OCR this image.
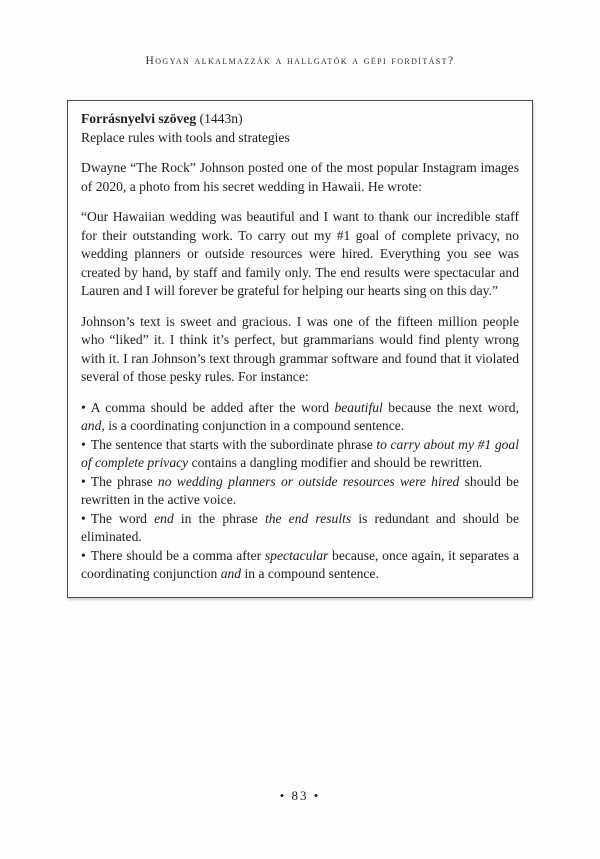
Hogyan alkalmazzák a hallgatók a gépi fordítást?
Forrásnyelvi szöveg (1443n)
Replace rules with tools and strategies

Dwayne “The Rock” Johnson posted one of the most popular Instagram images of 2020, a photo from his secret wedding in Hawaii. He wrote:

“Our Hawaiian wedding was beautiful and I want to thank our incredible staff for their outstanding work. To carry out my #1 goal of complete privacy, no wedding planners or outside resources were hired. Everything you see was created by hand, by staff and family only. The end results were spectacular and Lauren and I will forever be grateful for helping our hearts sing on this day.”

Johnson’s text is sweet and gracious. I was one of the fifteen million people who “liked” it. I think it’s perfect, but grammarians would find plenty wrong with it. I ran Johnson’s text through grammar software and found that it violated several of those pesky rules. For instance:

• A comma should be added after the word beautiful because the next word, and, is a coordinating conjunction in a compound sentence.
• The sentence that starts with the subordinate phrase to carry about my #1 goal of complete privacy contains a dangling modifier and should be rewritten.
• The phrase no wedding planners or outside resources were hired should be rewritten in the active voice.
• The word end in the phrase the end results is redundant and should be eliminated.
• There should be a comma after spectacular because, once again, it separates a coordinating conjunction and in a compound sentence.
• 83 •
